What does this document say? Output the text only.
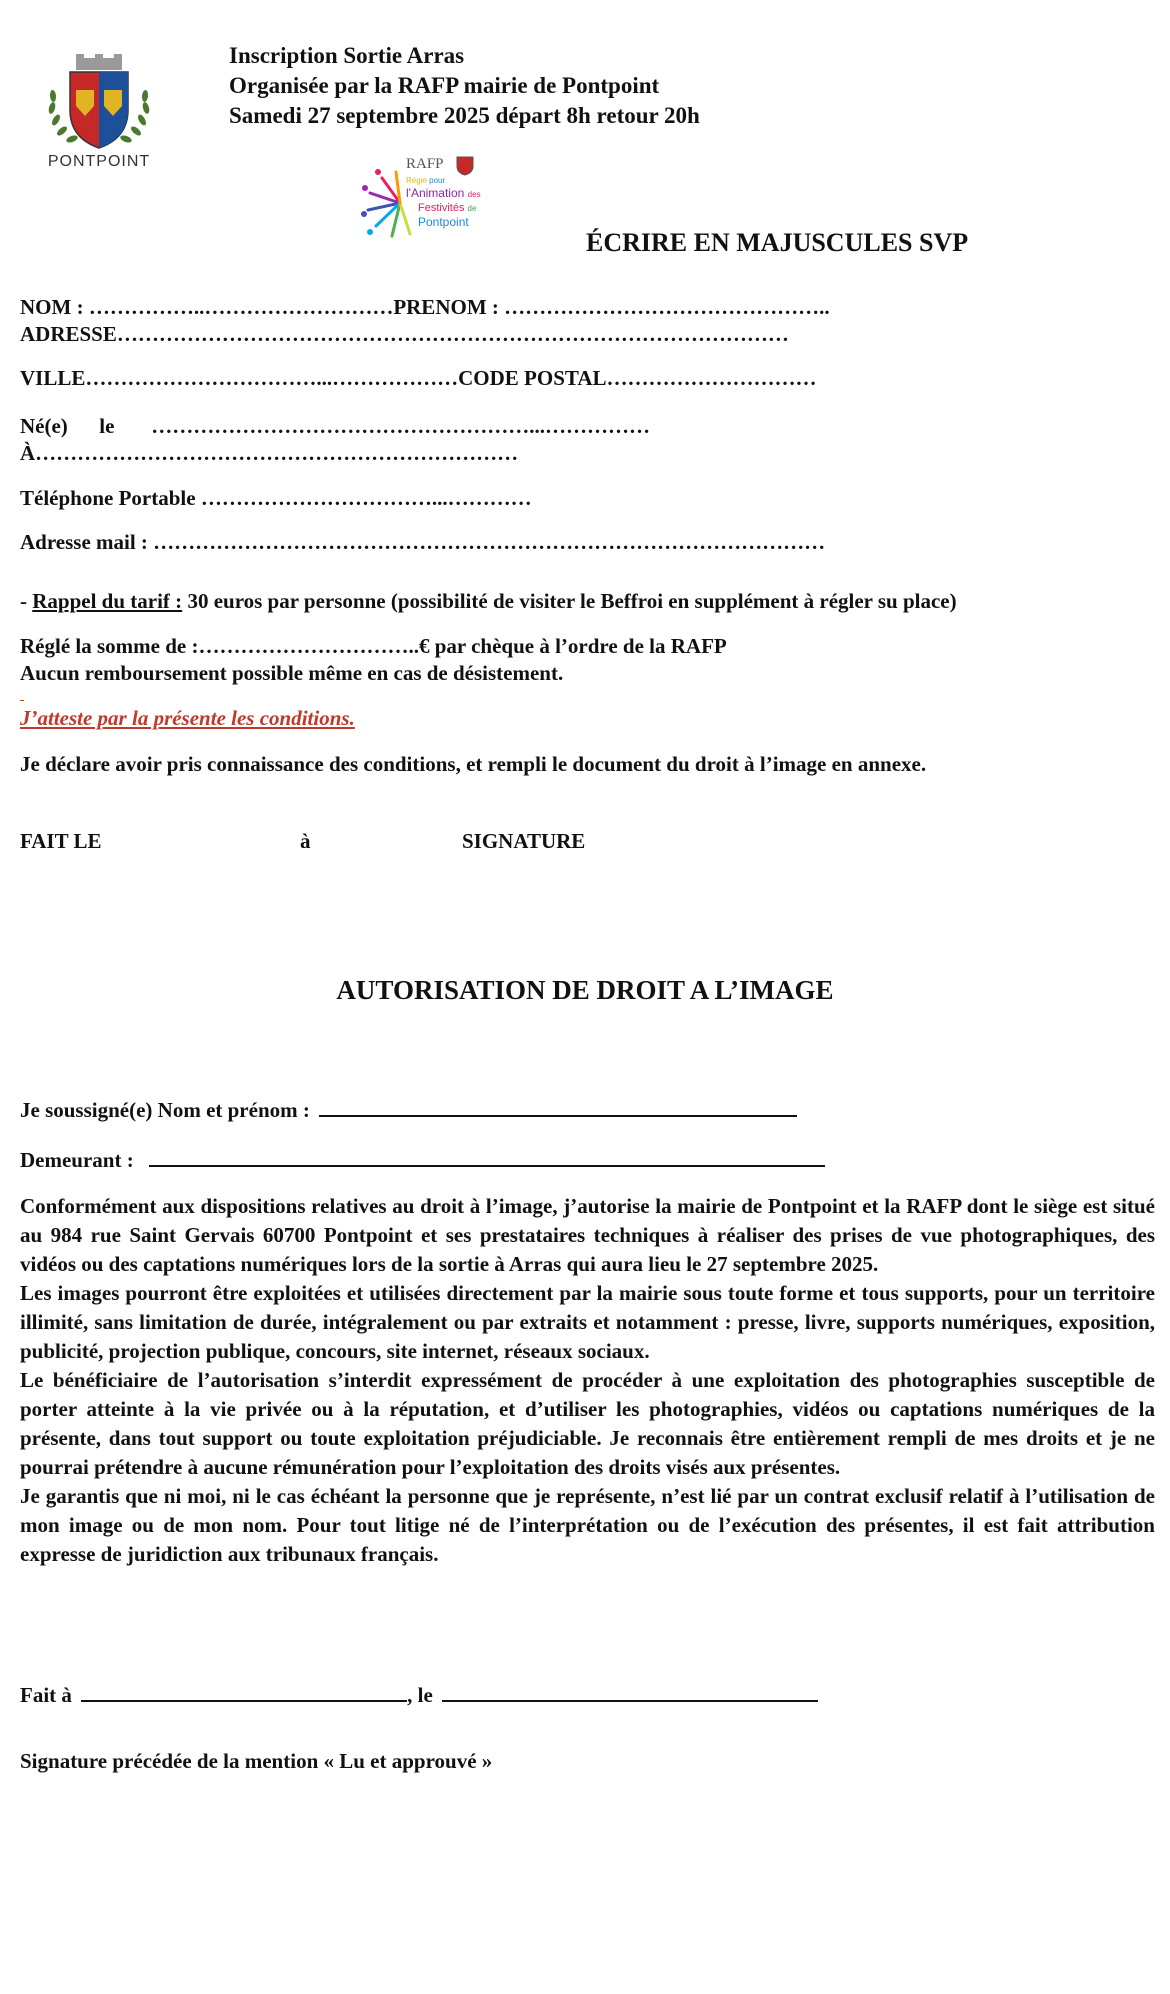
PONTPOINT
Inscription Sortie Arras
Organisée par la RAFP mairie de Pontpoint
Samedi 27 septembre 2025 départ 8h retour 20h
RAFP
Régie pour
l'Animation des
Festivités de
Pontpoint
ÉCRIRE EN MAJUSCULES SVP
NOM : ……………..………………………PRENOM : ………………………………………..
ADRESSE……………………………………………………………………………………
VILLE……………………………...………………CODE POSTAL…………………………
Né(e)      le       ………………………………………………...……………
À……………………………………………………………
Téléphone Portable ……………………………...…………
Adresse mail : ……………………………………………………………………………………
- Rappel du tarif : 30 euros par personne (possibilité de visiter le Beffroi en supplément à régler su place)
Réglé la somme de :…………………………..€ par chèque à l’ordre de la RAFP
Aucun remboursement possible même en cas de désistement.
J’atteste par la présente les conditions.
Je déclare avoir pris connaissance des conditions, et rempli le document du droit à l’image en annexe.
FAIT LE	à	SIGNATURE
AUTORISATION DE DROIT A L’IMAGE
Je soussigné(e) Nom et prénom :
Demeurant :

Conformément aux dispositions relatives au droit à l’image, j’autorise la mairie de Pontpoint et la RAFP dont le siège est situé au 984 rue Saint Gervais 60700 Pontpoint et ses prestataires techniques à réaliser des prises de vue photographiques, des vidéos ou des captations numériques lors de la sortie à Arras qui aura lieu le 27 septembre 2025.

Les images pourront être exploitées et utilisées directement par la mairie sous toute forme et tous supports, pour un territoire illimité, sans limitation de durée, intégralement ou par extraits et notamment : presse, livre, supports numériques, exposition, publicité, projection publique, concours, site internet, réseaux sociaux.

Le bénéficiaire de l’autorisation s’interdit expressément de procéder à une exploitation des photographies susceptible de porter atteinte à la vie privée ou à la réputation, et d’utiliser les photographies, vidéos ou captations numériques de la présente, dans tout support ou toute exploitation préjudiciable. Je reconnais être entièrement rempli de mes droits et je ne pourrai prétendre à aucune rémunération pour l’exploitation des droits visés aux présentes.

Je garantis que ni moi, ni le cas échéant la personne que je représente, n’est lié par un contrat exclusif relatif à l’utilisation de mon image ou de mon nom. Pour tout litige né de l’interprétation ou de l’exécution des présentes, il est fait attribution expresse de juridiction aux tribunaux français.

Fait à	, le
Signature précédée de la mention « Lu et approuvé »
